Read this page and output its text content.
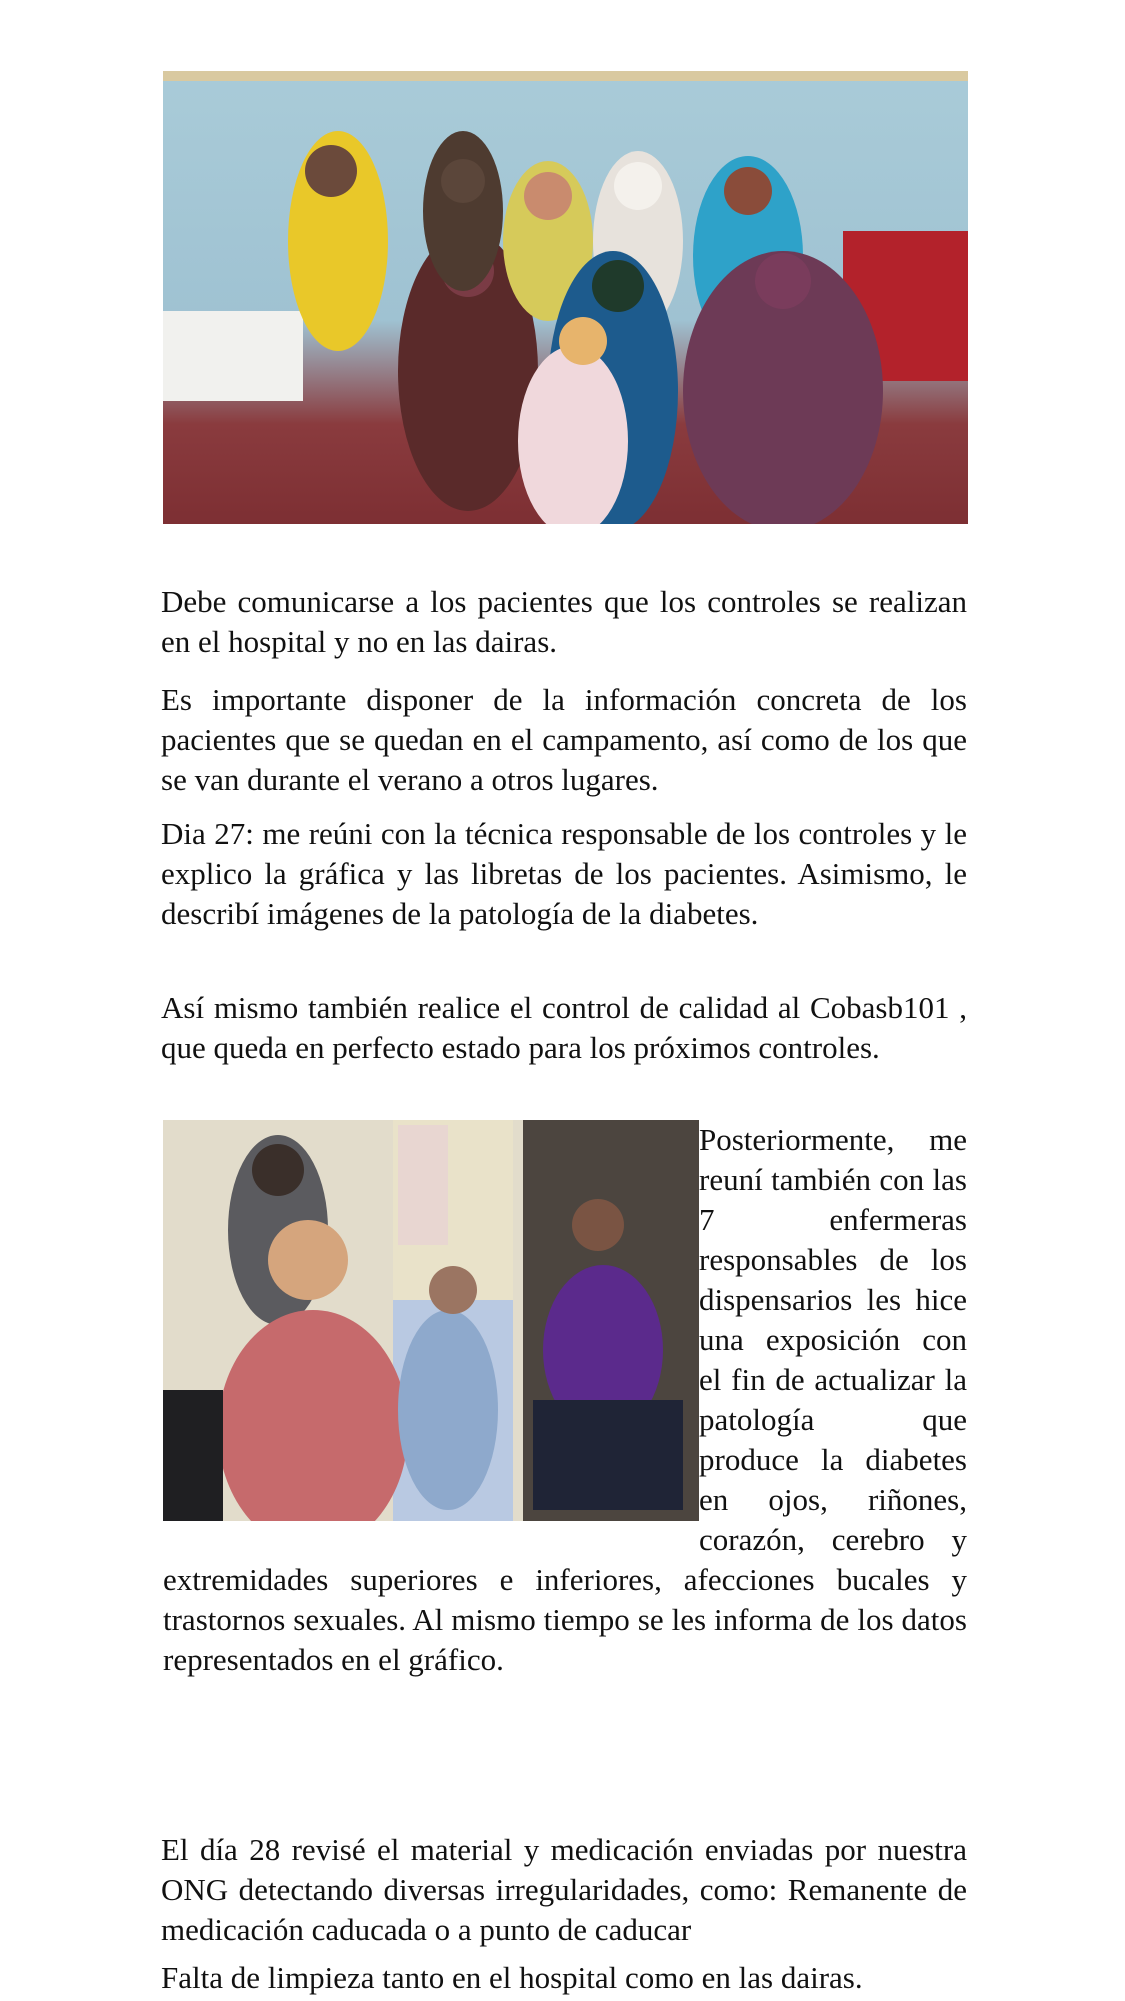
Debe comunicarse a los pacientes que los controles se realizan en el hospital y no en las dairas.

Es importante disponer de la información concreta de los pacientes que se quedan en el campamento, así como de los que se van durante el verano a otros lugares.

Dia 27: me reúni con la técnica responsable de los controles y le explico la gráfica y las libretas de los pacientes. Asimismo, le describí imágenes de la patología de la diabetes.

Así mismo también realice el control de calidad al Cobasb101 , que queda en perfecto estado para los próximos controles.

Posteriormente, me reuní también con las 7 enfermeras responsables de los dispensarios les hice una exposición con el fin de actualizar la patología que produce la diabetes en ojos, riñones, corazón, cerebro y extremidades superiores e inferiores, afecciones bucales y trastornos sexuales. Al mismo tiempo se les informa de los datos representados en el gráfico.

El día 28 revisé el material y medicación enviadas por nuestra ONG detectando diversas irregularidades, como: Remanente de medicación caducada o a punto de caducar

Falta de limpieza tanto en el hospital como en las dairas.
